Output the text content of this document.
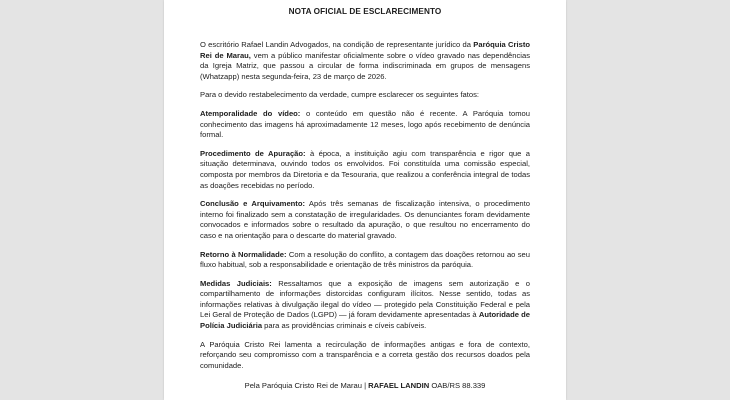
NOTA OFICIAL DE ESCLARECIMENTO

O escritório Rafael Landin Advogados, na condição de representante jurídico da Paróquia Cristo Rei de Marau, vem a público manifestar oficialmente sobre o vídeo gravado nas dependências da Igreja Matriz, que passou a circular de forma indiscriminada em grupos de mensagens (Whatzapp) nesta segunda-feira, 23 de março de 2026.

Para o devido restabelecimento da verdade, cumpre esclarecer os seguintes fatos:

Atemporalidade do vídeo: o conteúdo em questão não é recente. A Paróquia tomou conhecimento das imagens há aproximadamente 12 meses, logo após recebimento de denúncia formal.

Procedimento de Apuração: à época, a instituição agiu com transparência e rigor que a situação determinava, ouvindo todos os envolvidos. Foi constituída uma comissão especial, composta por membros da Diretoria e da Tesouraria, que realizou a conferência integral de todas as doações recebidas no período.

Conclusão e Arquivamento: Após três semanas de fiscalização intensiva, o procedimento interno foi finalizado sem a constatação de irregularidades. Os denunciantes foram devidamente convocados e informados sobre o resultado da apuração, o que resultou no encerramento do caso e na orientação para o descarte do material gravado.

Retorno à Normalidade: Com a resolução do conflito, a contagem das doações retornou ao seu fluxo habitual, sob a responsabilidade e orientação de três ministros da paróquia.

Medidas Judiciais: Ressaltamos que a exposição de imagens sem autorização e o compartilhamento de informações distorcidas configuram ilícitos. Nesse sentido, todas as informações relativas à divulgação ilegal do vídeo — protegido pela Constituição Federal e pela Lei Geral de Proteção de Dados (LGPD) — já foram devidamente apresentadas à Autoridade de Polícia Judiciária para as providências criminais e cíveis cabíveis.

A Paróquia Cristo Rei lamenta a recirculação de informações antigas e fora de contexto, reforçando seu compromisso com a transparência e a correta gestão dos recursos doados pela comunidade.

Pela Paróquia Cristo Rei de Marau | RAFAEL LANDIN OAB/RS 88.339
